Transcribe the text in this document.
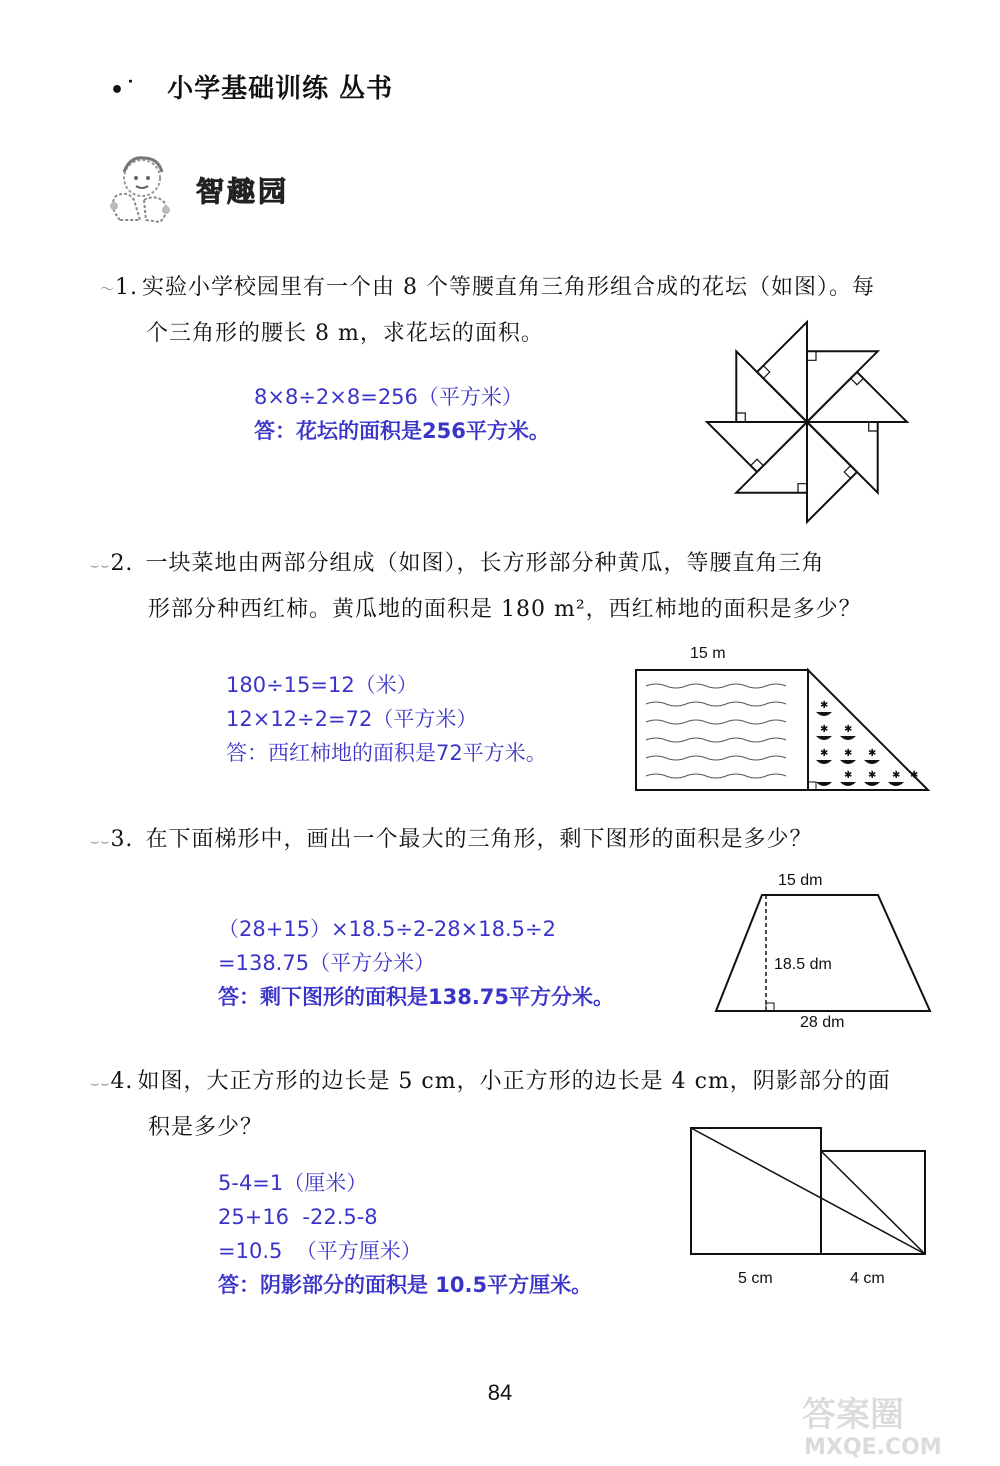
•˙ 小学基础训练 丛书
智趣园
〜1. 实验小学校园里有一个由 8 个等腰直角三角形组合成的花坛（如图）。每
个三角形的腰长 8 m，求花坛的面积。
8×8÷2×8=256（平方米）
答：花坛的面积是256平方米。
⌣⌣2. 一块菜地由两部分组成（如图），长方形部分种黄瓜，等腰直角三角
形部分种西红柿。黄瓜地的面积是 180 m²，西红柿地的面积是多少？
180÷15=12（米）
12×12÷2=72（平方米）
答：西红柿地的面积是72平方米。
15 m
✱
✱ ✱
✱ ✱ ✱
✱ ✱ ✱ ✱
⌣⌣3. 在下面梯形中，画出一个最大的三角形，剩下图形的面积是多少？
（28+15）×18.5÷2-28×18.5÷2
=138.75（平方分米）
答：剩下图形的面积是138.75平方分米。
15 dm
18.5 dm
28 dm
⌣⌣4. 如图，大正方形的边长是 5 cm，小正方形的边长是 4 cm，阴影部分的面
积是多少？
5-4=1（厘米）
25+16  -22.5-8
=10.5  （平方厘米）
答：阴影部分的面积是 10.5平方厘米。	5 cm	4 cm
84
答案圈
MXQE.COM
